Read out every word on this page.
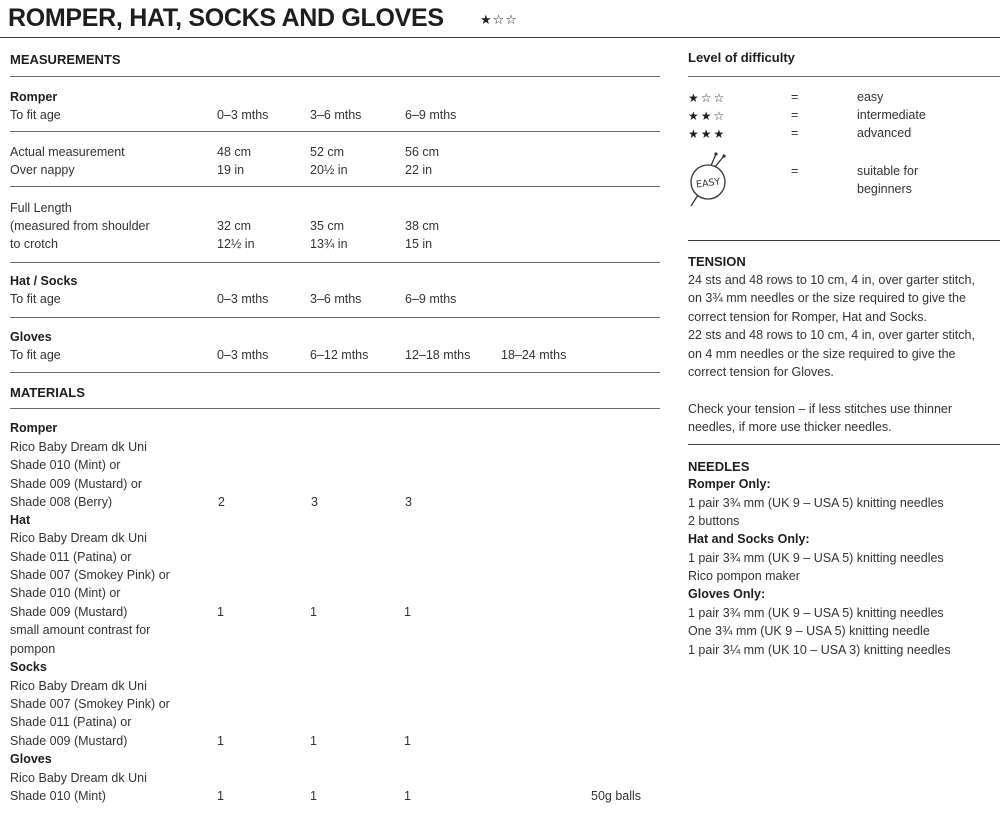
ROMPER, HAT, SOCKS AND GLOVES	★☆☆
MEASUREMENTS
Romper
To fit age	0–3 mths	3–6 mths	6–9 mths
Actual measurement	48 cm	52 cm	56 cm
Over nappy	19 in	20½ in	22 in
Full Length
(measured from shoulder
to crotch
32 cm	35 cm	38 cm
12½ in	13¾ in	15 in
Hat / Socks
To fit age	0–3 mths	3–6 mths	6–9 mths
Gloves
To fit age	0–3 mths	6–12 mths	12–18 mths 18–24 mths
MATERIALS
Romper
Rico Baby Dream dk Uni
Shade 010 (Mint) or
Shade 009 (Mustard) or
Shade 008 (Berry)	2	3	3
Hat
Rico Baby Dream dk Uni
Shade 011 (Patina) or
Shade 007 (Smokey Pink) or
Shade 010 (Mint) or
Shade 009 (Mustard)
small amount contrast for
pompon
1	1	1
Socks
Rico Baby Dream dk Uni
Shade 007 (Smokey Pink) or
Shade 011 (Patina) or
Shade 009 (Mustard)	1	1	1
Gloves
Rico Baby Dream dk Uni
Shade 010 (Mint)	1	1	1	50g balls
Level of difficulty
★☆☆	=	easy
★★☆	=	intermediate
★★★	=	advanced
EASY
=	suitable for
beginners
TENSION
24 sts and 48 rows to 10 cm, 4 in, over garter stitch,
on 3¾ mm needles or the size required to give the
correct tension for Romper, Hat and Socks.
22 sts and 48 rows to 10 cm, 4 in, over garter stitch,
on 4 mm needles or the size required to give the
correct tension for Gloves.
Check your tension – if less stitches use thinner
needles, if more use thicker needles.
NEEDLES
Romper Only:
1 pair 3¾ mm (UK 9 – USA 5) knitting needles
2 buttons
Hat and Socks Only:
1 pair 3¾ mm (UK 9 – USA 5) knitting needles
Rico pompon maker
Gloves Only:
1 pair 3¾ mm (UK 9 – USA 5) knitting needles
One 3¾ mm (UK 9 – USA 5) knitting needle
1 pair 3¼ mm (UK 10 – USA 3) knitting needles
